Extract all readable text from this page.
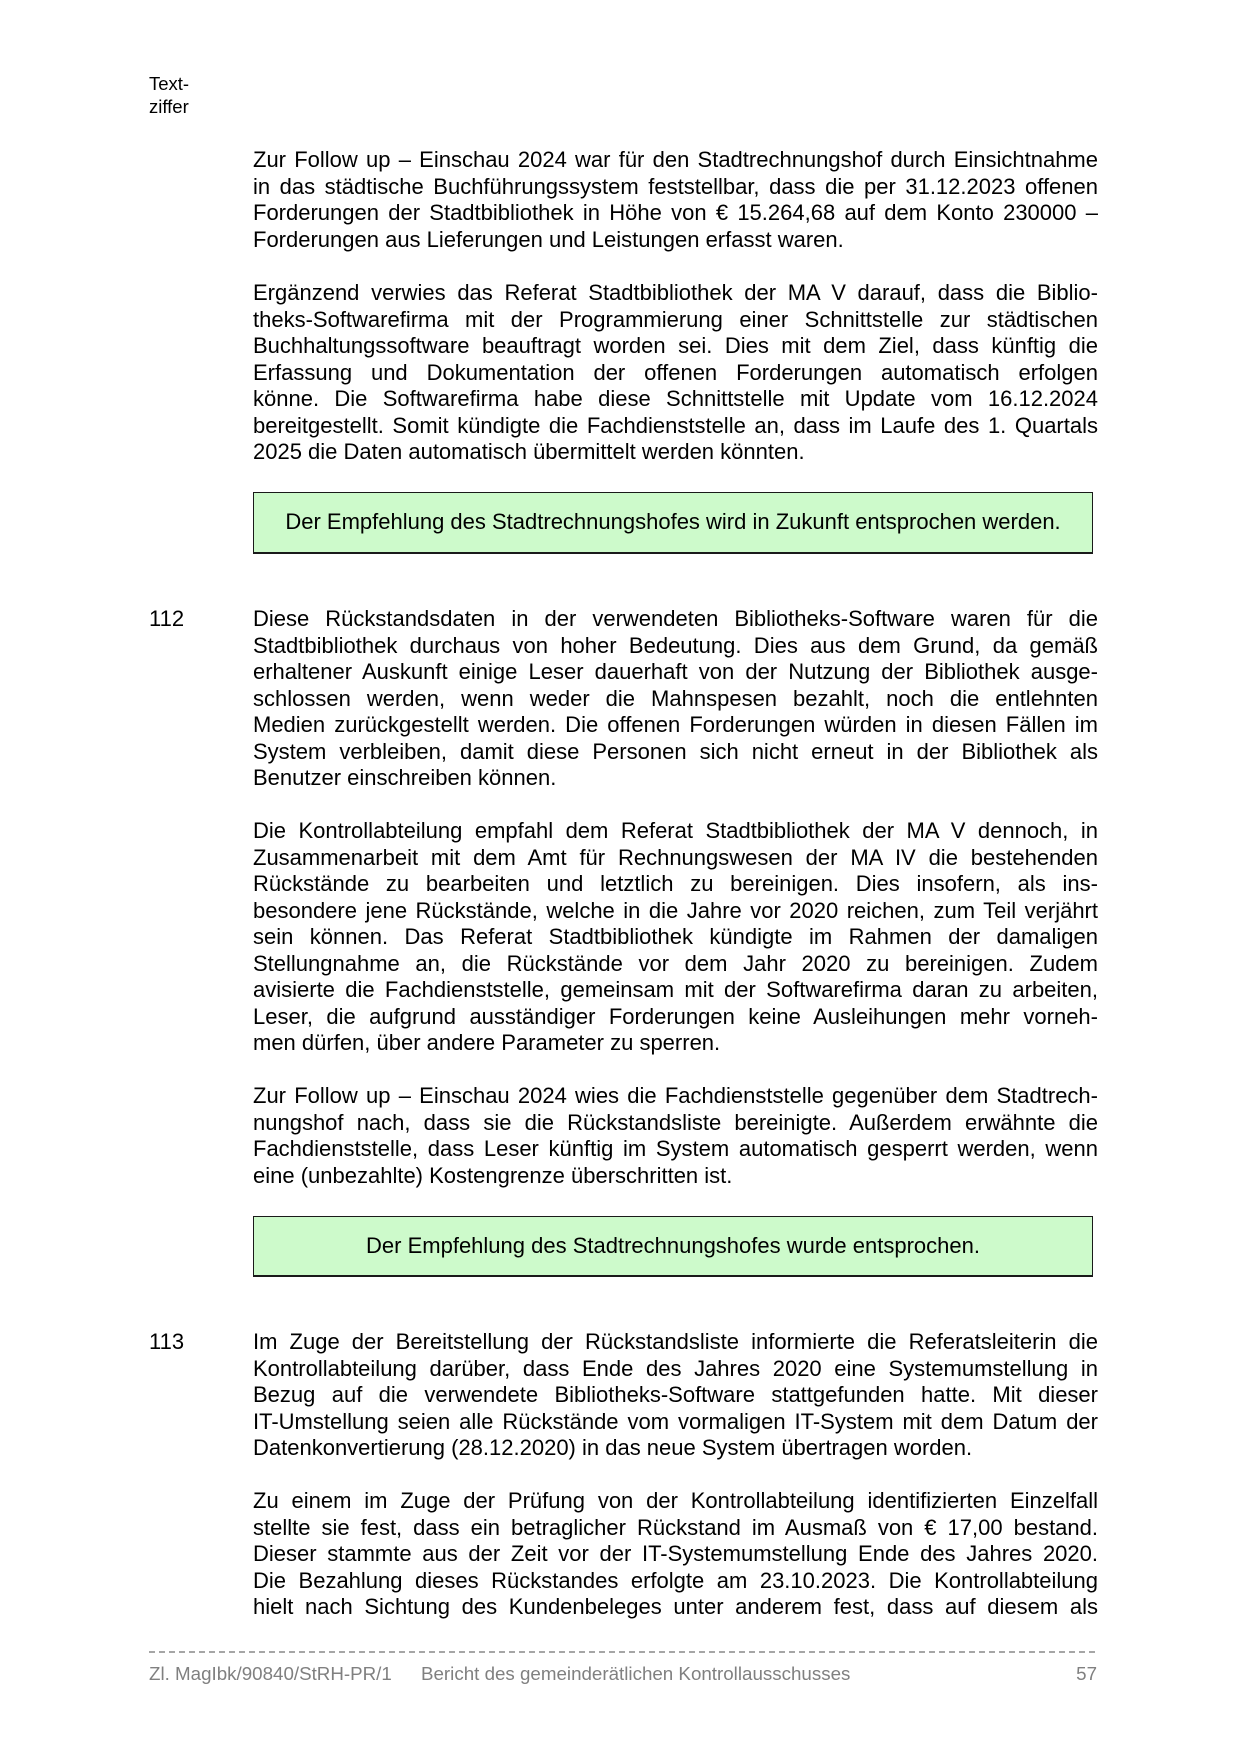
Text-
ziffer
Zur Follow up – Einschau 2024 war für den Stadtrechnungshof durch Einsichtnahme
in das städtische Buchführungssystem feststellbar, dass die per 31.12.2023 offenen
Forderungen der Stadtbibliothek in Höhe von € 15.264,68 auf dem Konto 230000 –
Forderungen aus Lieferungen und Leistungen erfasst waren.
Ergänzend verwies das Referat Stadtbibliothek der MA V darauf, dass die Biblio-
theks-Softwarefirma mit der Programmierung einer Schnittstelle zur städtischen
Buchhaltungssoftware beauftragt worden sei. Dies mit dem Ziel, dass künftig die
Erfassung und Dokumentation der offenen Forderungen automatisch erfolgen
könne. Die Softwarefirma habe diese Schnittstelle mit Update vom 16.12.2024
bereitgestellt. Somit kündigte die Fachdienststelle an, dass im Laufe des 1. Quartals
2025 die Daten automatisch übermittelt werden könnten.
Der Empfehlung des Stadtrechnungshofes wird in Zukunft entsprochen werden.
112	Diese Rückstandsdaten in der verwendeten Bibliotheks-Software waren für die
Stadtbibliothek durchaus von hoher Bedeutung. Dies aus dem Grund, da gemäß
erhaltener Auskunft einige Leser dauerhaft von der Nutzung der Bibliothek ausge-
schlossen werden, wenn weder die Mahnspesen bezahlt, noch die entlehnten
Medien zurückgestellt werden. Die offenen Forderungen würden in diesen Fällen im
System verbleiben, damit diese Personen sich nicht erneut in der Bibliothek als
Benutzer einschreiben können.
Die Kontrollabteilung empfahl dem Referat Stadtbibliothek der MA V dennoch, in
Zusammenarbeit mit dem Amt für Rechnungswesen der MA IV die bestehenden
Rückstände zu bearbeiten und letztlich zu bereinigen. Dies insofern, als ins-
besondere jene Rückstände, welche in die Jahre vor 2020 reichen, zum Teil verjährt
sein können. Das Referat Stadtbibliothek kündigte im Rahmen der damaligen
Stellungnahme an, die Rückstände vor dem Jahr 2020 zu bereinigen. Zudem
avisierte die Fachdienststelle, gemeinsam mit der Softwarefirma daran zu arbeiten,
Leser, die aufgrund ausständiger Forderungen keine Ausleihungen mehr vorneh-
men dürfen, über andere Parameter zu sperren.
Zur Follow up – Einschau 2024 wies die Fachdienststelle gegenüber dem Stadtrech-
nungshof nach, dass sie die Rückstandsliste bereinigte. Außerdem erwähnte die
Fachdienststelle, dass Leser künftig im System automatisch gesperrt werden, wenn
eine (unbezahlte) Kostengrenze überschritten ist.
Der Empfehlung des Stadtrechnungshofes wurde entsprochen.
113	Im Zuge der Bereitstellung der Rückstandsliste informierte die Referatsleiterin die
Kontrollabteilung darüber, dass Ende des Jahres 2020 eine Systemumstellung in
Bezug auf die verwendete Bibliotheks-Software stattgefunden hatte. Mit dieser
IT-Umstellung seien alle Rückstände vom vormaligen IT-System mit dem Datum der
Datenkonvertierung (28.12.2020) in das neue System übertragen worden.
Zu einem im Zuge der Prüfung von der Kontrollabteilung identifizierten Einzelfall
stellte sie fest, dass ein betraglicher Rückstand im Ausmaß von € 17,00 bestand.
Dieser stammte aus der Zeit vor der IT-Systemumstellung Ende des Jahres 2020.
Die Bezahlung dieses Rückstandes erfolgte am 23.10.2023. Die Kontrollabteilung
hielt nach Sichtung des Kundenbeleges unter anderem fest, dass auf diesem als
Zl. MagIbk/90840/StRH-PR/1 Bericht des gemeinderätlichen Kontrollausschusses	57
